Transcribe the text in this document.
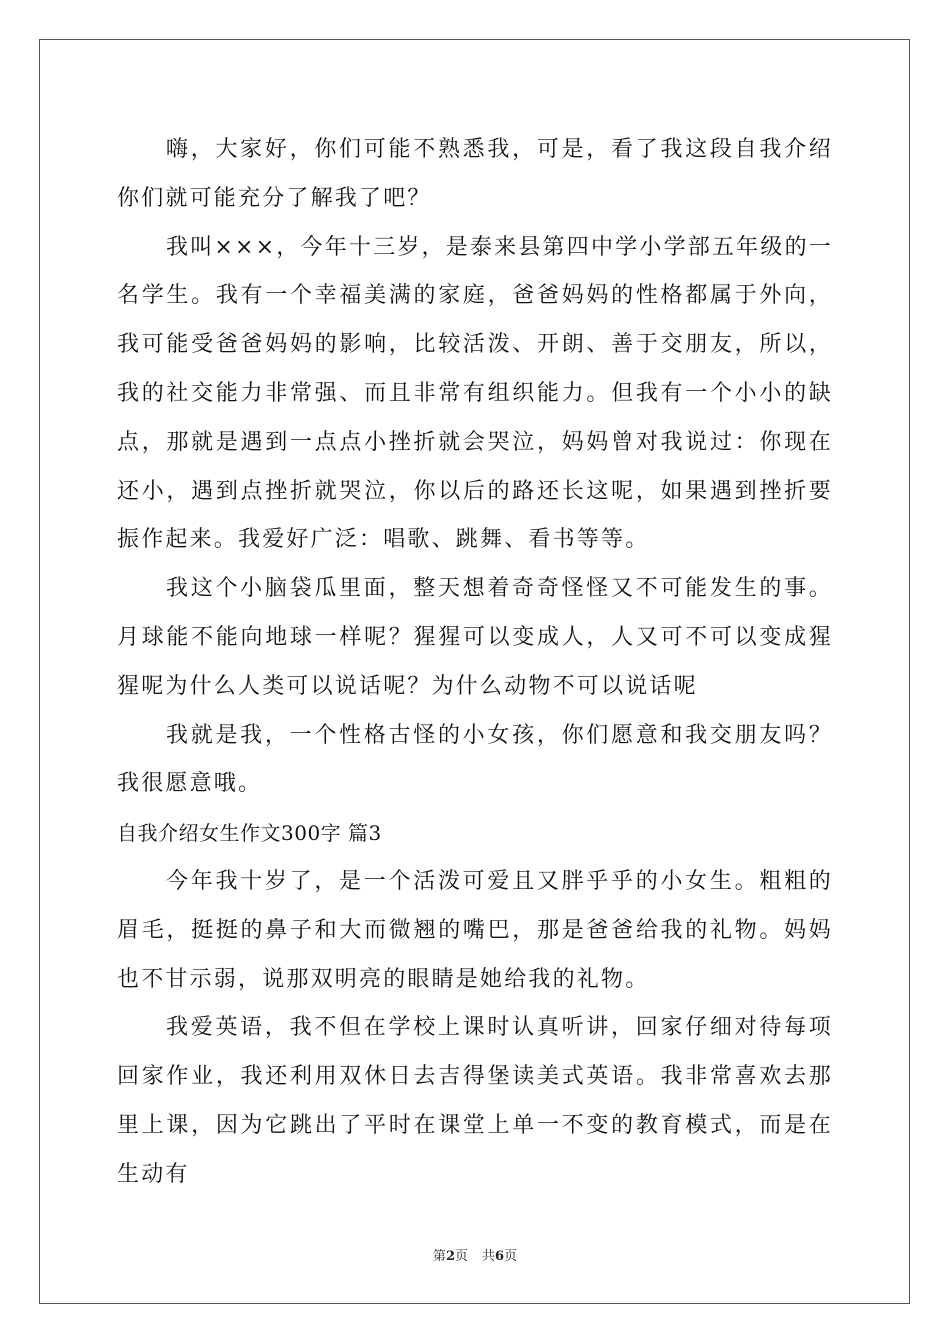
嗨，大家好，你们可能不熟悉我，可是，看了我这段自我介绍你们就可能充分了解我了吧？

我叫×××，今年十三岁，是泰来县第四中学小学部五年级的一名学生。我有一个幸福美满的家庭，爸爸妈妈的性格都属于外向，我可能受爸爸妈妈的影响，比较活泼、开朗、善于交朋友，所以，我的社交能力非常强、而且非常有组织能力。但我有一个小小的缺点，那就是遇到一点点小挫折就会哭泣，妈妈曾对我说过：你现在还小，遇到点挫折就哭泣，你以后的路还长这呢，如果遇到挫折要振作起来。我爱好广泛：唱歌、跳舞、看书等等。

我这个小脑袋瓜里面，整天想着奇奇怪怪又不可能发生的事。月球能不能向地球一样呢？猩猩可以变成人，人又可不可以变成猩猩呢为什么人类可以说话呢？为什么动物不可以说话呢

我就是我，一个性格古怪的小女孩，你们愿意和我交朋友吗？我很愿意哦。

自我介绍女生作文300字 篇3

今年我十岁了，是一个活泼可爱且又胖乎乎的小女生。粗粗的眉毛，挺挺的鼻子和大而微翘的嘴巴，那是爸爸给我的礼物。妈妈也不甘示弱，说那双明亮的眼睛是她给我的礼物。

我爱英语，我不但在学校上课时认真听讲，回家仔细对待每项回家作业，我还利用双休日去吉得堡读美式英语。我非常喜欢去那里上课，因为它跳出了平时在课堂上单一不变的教育模式，而是在生动有

第2页 共6页
